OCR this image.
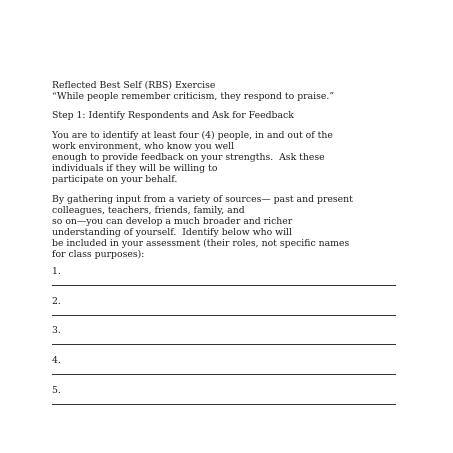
Reflected Best Self (RBS) Exercise
“While people remember criticism, they respond to praise.”
Step 1: Identify Respondents and Ask for Feedback
You are to identify at least four (4) people, in and out of the
work environment, who know you well
enough to provide feedback on your strengths.  Ask these
individuals if they will be willing to
participate on your behalf.
By gathering input from a variety of sources— past and present
colleagues, teachers, friends, family, and
so on—you can develop a much broader and richer
understanding of yourself.  Identify below who will
be included in your assessment (their roles, not specific names
for class purposes):
1.
2.
3.
4.
5.
